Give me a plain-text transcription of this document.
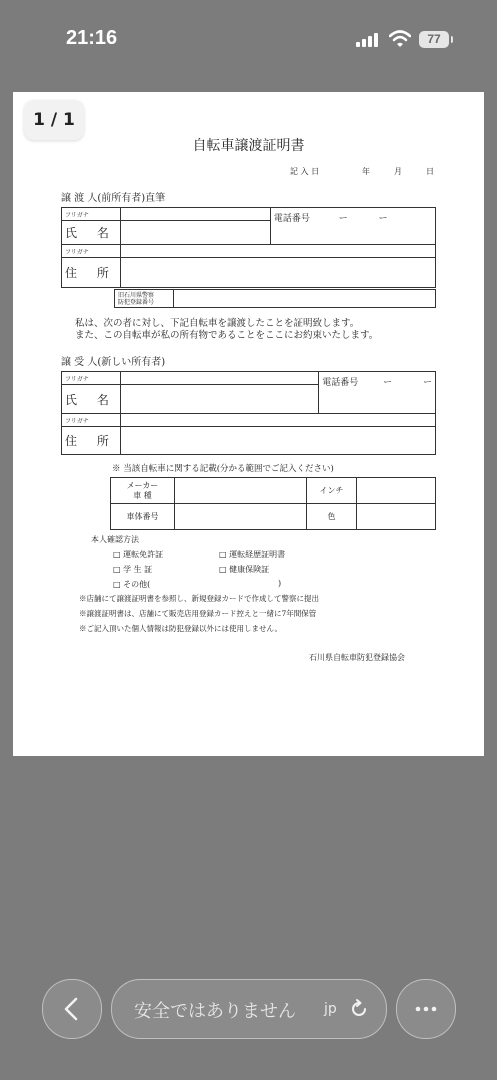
21:16	77
自転車譲渡証明書
記 入 日	年	月	日
譲 渡 人(前所有者)直筆
フリガナ		電話番号 ー ー
氏 名		
フリガナ		
住 所		
旧石川県警察
防犯登録番号

私は、次の者に対し、下記自転車を譲渡したことを証明致します。
また、この自転車が私の所有物であることをここにお約束いたします。
譲 受 人(新しい所有者)
フリガナ		電話番号 ー ー
氏 名		
フリガナ		
住 所		
※ 当該自転車に関する記載(分かる範囲でご記入ください)
メーカー
車 種		インチ	
車体番号		色	
本人確認方法
□ 運転免許証	□ 運転経歴証明書
□ 学 生 証	□ 健康保険証
□ その他(	)
※店舗にて譲渡証明書を参照し、新規登録カードで作成して警察に提出
※譲渡証明書は、店舗にて販売店用登録カード控えと一緒に7年間保管
※ご記入頂いた個人情報は防犯登録以外には使用しません。
石川県自転車防犯登録協会
1 / 1
安全ではありません jp
